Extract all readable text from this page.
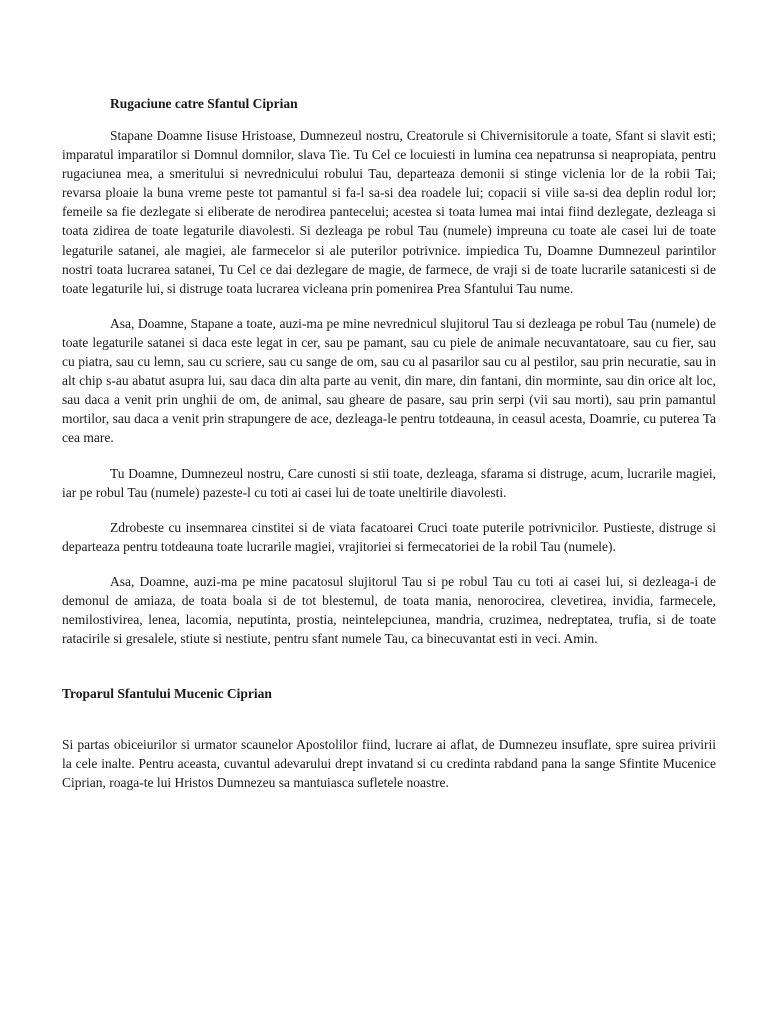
Rugaciune catre Sfantul Ciprian

Stapane Doamne Iisuse Hristoase, Dumnezeul nostru, Creatorule si Chivernisitorule a toate, Sfant si slavit esti; imparatul imparatilor si Domnul domnilor, slava Tie. Tu Cel ce locuiesti in lumina cea nepatrunsa si neapropiata, pentru rugaciunea mea, a smeritului si nevrednicului robului Tau, departeaza demonii si stinge viclenia lor de la robii Tai; revarsa ploaie la buna vreme peste tot pamantul si fa-l sa-si dea roadele lui; copacii si viile sa-si dea deplin rodul lor; femeile sa fie dezlegate si eliberate de nerodirea pantecelui; acestea si toata lumea mai intai fiind dezlegate, dezleaga si toata zidirea de toate legaturile diavolesti. Si dezleaga pe robul Tau (numele) impreuna cu toate ale casei lui de toate legaturile satanei, ale magiei, ale farmecelor si ale puterilor potrivnice. impiedica Tu, Doamne Dumnezeul parintilor nostri toata lucrarea satanei, Tu Cel ce dai dezlegare de magie, de farmece, de vraji si de toate lucrarile satanicesti si de toate legaturile lui, si distruge toata lucrarea vicleana prin pomenirea Prea Sfantului Tau nume.

Asa, Doamne, Stapane a toate, auzi-ma pe mine nevrednicul slujitorul Tau si dezleaga pe robul Tau (numele) de toate legaturile satanei si daca este legat in cer, sau pe pamant, sau cu piele de animale necuvantatoare, sau cu fier, sau cu piatra, sau cu lemn, sau cu scriere, sau cu sange de om, sau cu al pasarilor sau cu al pestilor, sau prin necuratie, sau in alt chip s-au abatut asupra lui, sau daca din alta parte au venit, din mare, din fantani, din morminte, sau din orice alt loc, sau daca a venit prin unghii de om, de animal, sau gheare de pasare, sau prin serpi (vii sau morti), sau prin pamantul mortilor, sau daca a venit prin strapungere de ace, dezleaga-le pentru totdeauna, in ceasul acesta, Doamrie, cu puterea Ta cea mare.

Tu Doamne, Dumnezeul nostru, Care cunosti si stii toate, dezleaga, sfarama si distruge, acum, lucrarile magiei, iar pe robul Tau (numele) pazeste-l cu toti ai casei lui de toate uneltirile diavolesti.

Zdrobeste cu insemnarea cinstitei si de viata facatoarei Cruci toate puterile potrivnicilor. Pustieste, distruge si departeaza pentru totdeauna toate lucrarile magiei, vrajitoriei si fermecatoriei de la robil Tau (numele).

Asa, Doamne, auzi-ma pe mine pacatosul slujitorul Tau si pe robul Tau cu toti ai casei lui, si dezleaga-i de demonul de amiaza, de toata boala si de tot blestemul, de toata mania, nenorocirea, clevetirea, invidia, farmecele, nemilostivirea, lenea, lacomia, neputinta, prostia, neintelepciunea, mandria, cruzimea, nedreptatea, trufia, si de toate ratacirile si gresalele, stiute si nestiute, pentru sfant numele Tau, ca binecuvantat esti in veci. Amin.

Troparul Sfantului Mucenic Ciprian

Si partas obiceiurilor si urmator scaunelor Apostolilor fiind, lucrare ai aflat, de Dumnezeu insuflate, spre suirea privirii la cele inalte. Pentru aceasta, cuvantul adevarului drept invatand si cu credinta rabdand pana la sange Sfintite Mucenice Ciprian, roaga-te lui Hristos Dumnezeu sa mantuiasca sufletele noastre.
